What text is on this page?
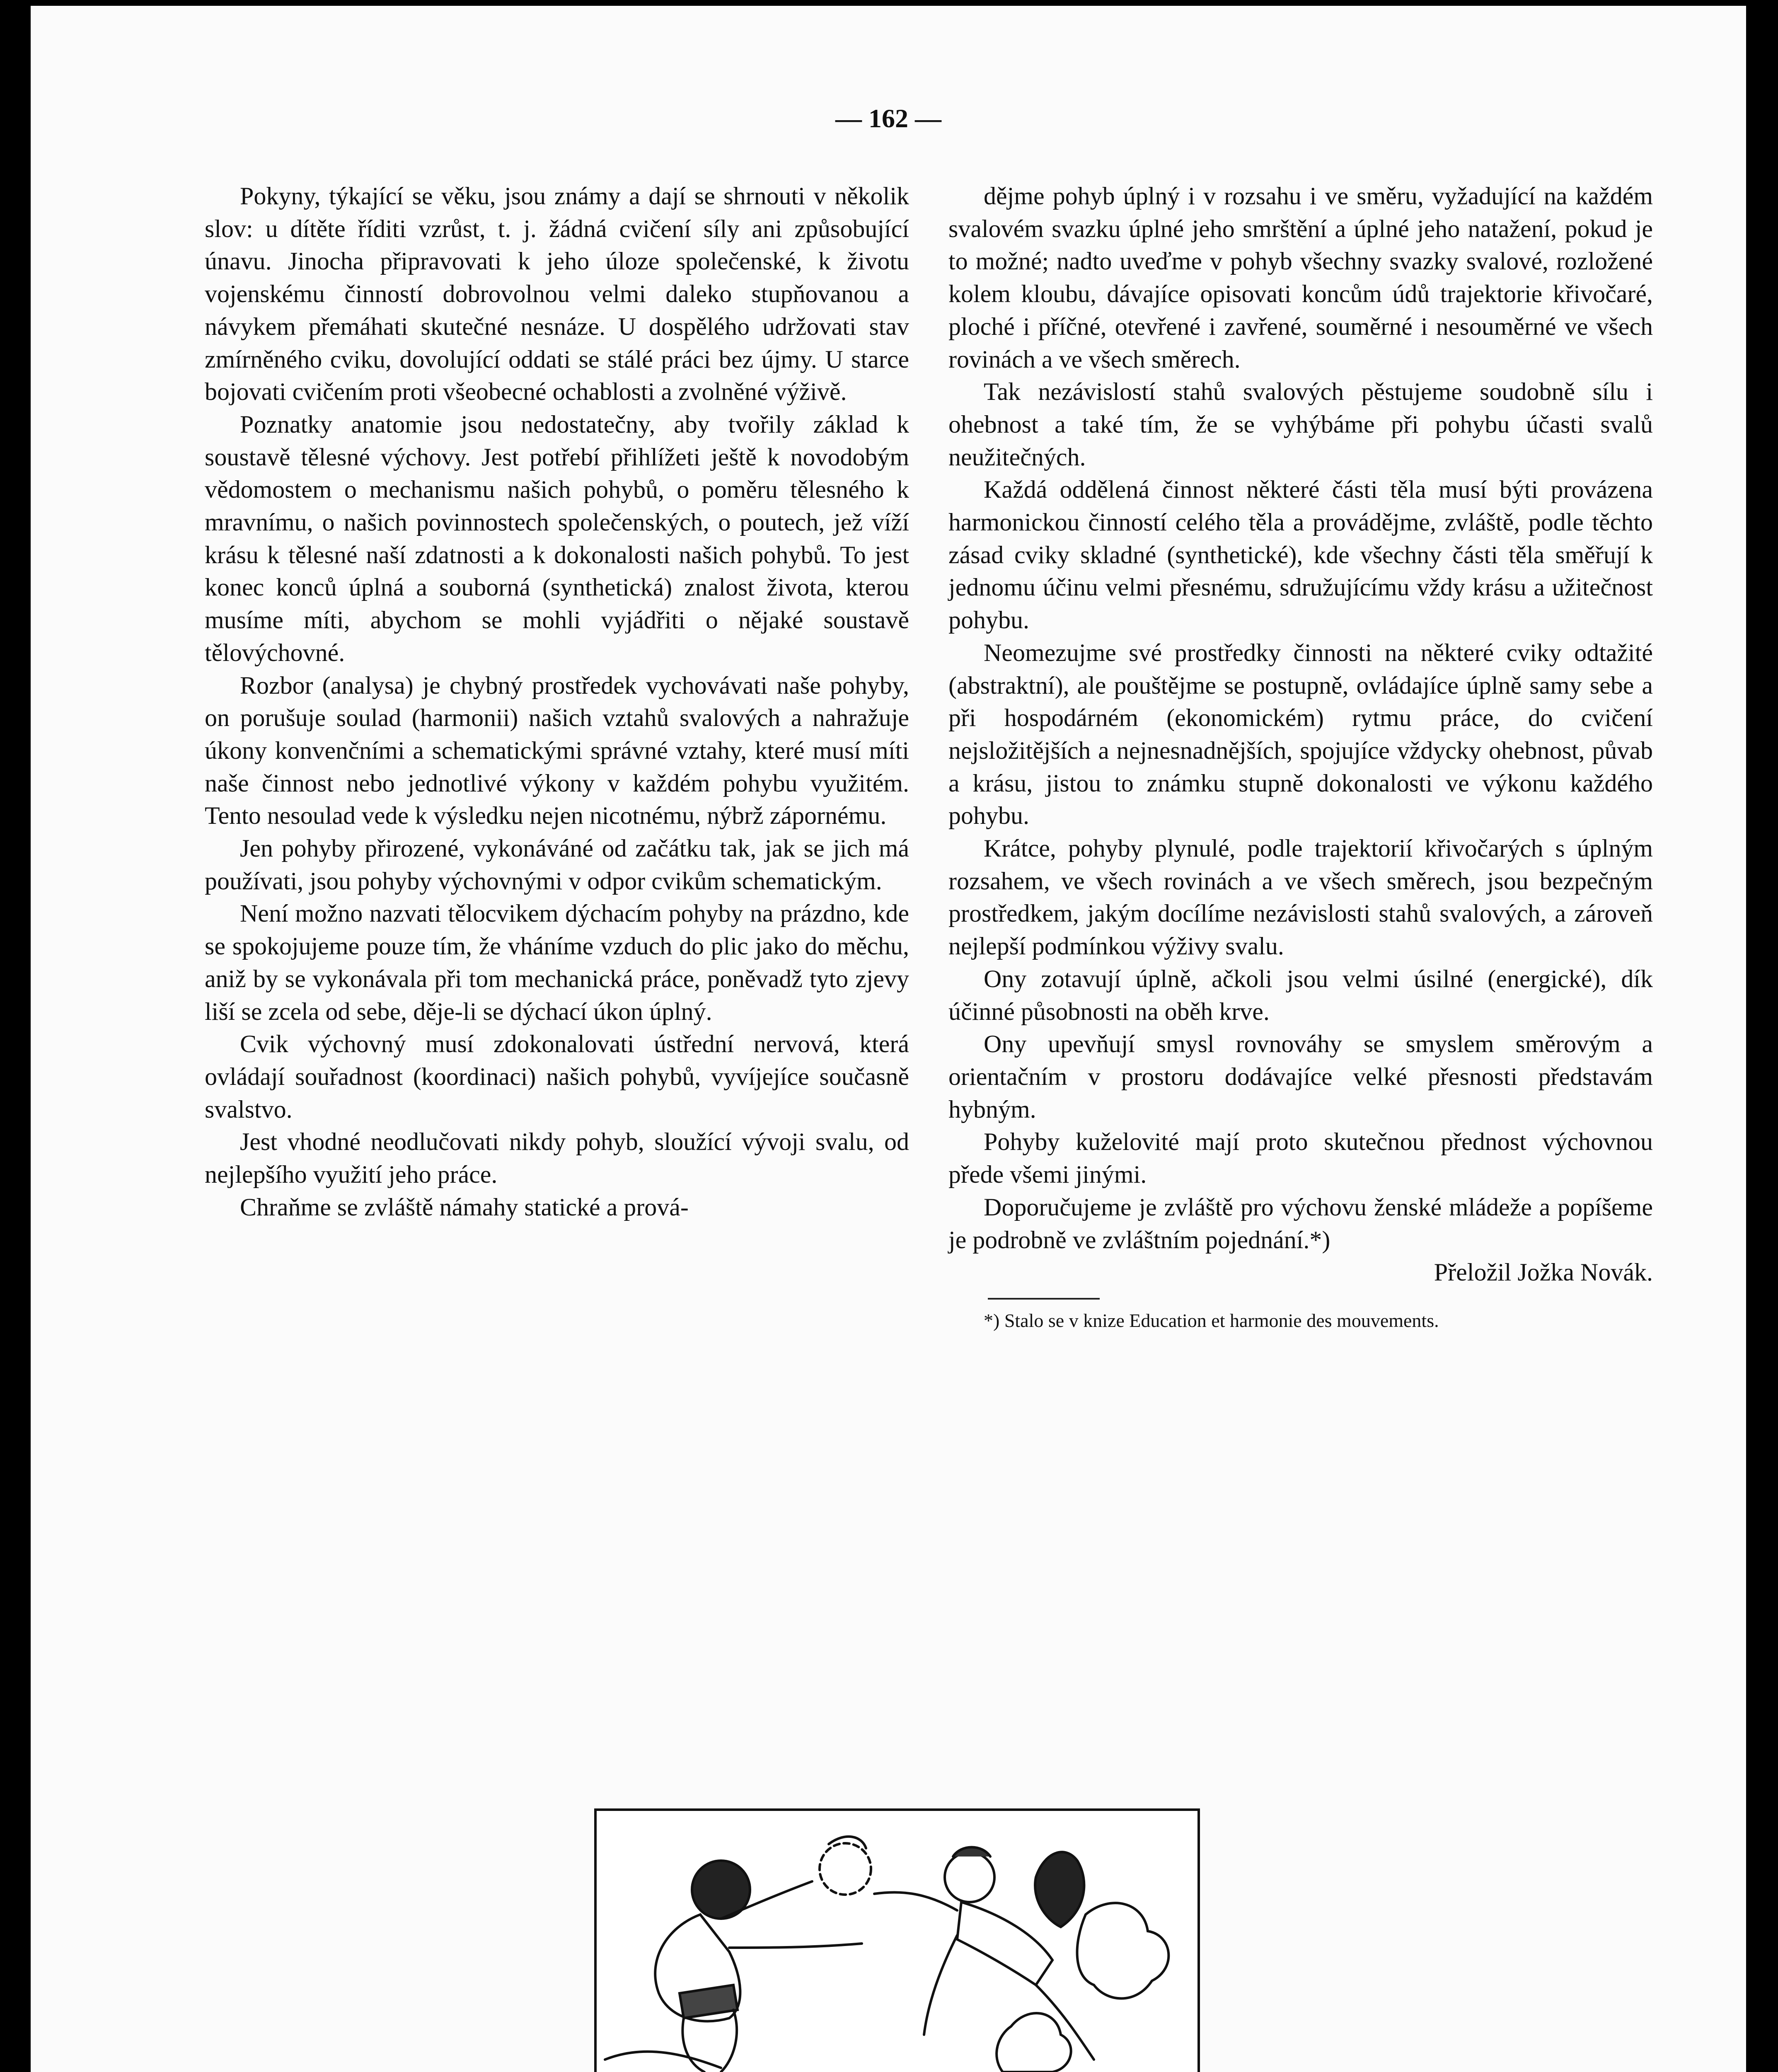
— 162 —

Pokyny, týkající se věku, jsou známy a dají se shrnouti v několik slov: u dítěte říditi vzrůst, t. j. žádná cvičení síly ani způsobující únavu. Jinocha připravovati k jeho úloze společenské, k životu vojenskému činností dobrovolnou velmi daleko stupňovanou a návykem přemáhati skutečné nesnáze. U dospělého udržovati stav zmírněného cviku, dovolující oddati se stálé práci bez újmy. U starce bojovati cvičením proti všeobecné ochablosti a zvolněné výživě.

Poznatky anatomie jsou nedostatečny, aby tvořily základ k soustavě tělesné výchovy. Jest potřebí přihlížeti ještě k novodobým vědomostem o mechanismu našich pohybů, o poměru tělesného k mravnímu, o našich povinnostech společenských, o poutech, jež víží krásu k tělesné naší zdatnosti a k dokonalosti našich pohybů. To jest konec konců úplná a souborná (synthetická) znalost života, kterou musíme míti, abychom se mohli vyjádřiti o nějaké soustavě tělovýchovné.

Rozbor (analysa) je chybný prostředek vychovávati naše pohyby, on porušuje soulad (harmonii) našich vztahů svalových a nahražuje úkony konvenčními a schematickými správné vztahy, které musí míti naše činnost nebo jednotlivé výkony v každém pohybu využitém. Tento nesoulad vede k výsledku nejen nicotnému, nýbrž zápornému.

Jen pohyby přirozené, vykonáváné od začátku tak, jak se jich má používati, jsou pohyby výchovnými v odpor cvikům schematickým.

Není možno nazvati tělocvikem dýchacím pohyby na prázdno, kde se spokojujeme pouze tím, že vháníme vzduch do plic jako do měchu, aniž by se vykonávala při tom mechanická práce, poněvadž tyto zjevy liší se zcela od sebe, děje-li se dýchací úkon úplný.

Cvik výchovný musí zdokonalovati ústřední nervová, která ovládají souřadnost (koordinaci) našich pohybů, vyvíjejíce současně svalstvo.

Jest vhodné neodlučovati nikdy pohyb, sloužící vývoji svalu, od nejlepšího využití jeho práce.

Chraňme se zvláště námahy statické a prová-

dějme pohyb úplný i v rozsahu i ve směru, vyžadující na každém svalovém svazku úplné jeho smrštění a úplné jeho natažení, pokud je to možné; nadto uveďme v pohyb všechny svazky svalové, rozložené kolem kloubu, dávajíce opisovati koncům údů trajektorie křivočaré, ploché i příčné, otevřené i zavřené, souměrné i nesouměrné ve všech rovinách a ve všech směrech.

Tak nezávislostí stahů svalových pěstujeme soudobně sílu i ohebnost a také tím, že se vyhýbáme při pohybu účasti svalů neužitečných.

Každá oddělená činnost některé části těla musí býti provázena harmonickou činností celého těla a prováděјme, zvláště, podle těchto zásad cviky skladné (synthetické), kde všechny části těla směřují k jednomu účinu velmi přesnému, sdružujícímu vždy krásu a užitečnost pohybu.

Neomezujme své prostředky činnosti na některé cviky odtažité (abstraktní), ale pouštějme se postupně, ovládajíce úplně samy sebe a při hospodárném (ekonomickém) rytmu práce, do cvičení nejsložitějších a nejnesnadnějších, spojujíce vždycky ohebnost, půvab a krásu, jistou to známku stupně dokonalosti ve výkonu každého pohybu.

Krátce, pohyby plynulé, podle trajektorií křivočarých s úplným rozsahem, ve všech rovinách a ve všech směrech, jsou bezpečným prostředkem, jakým docílíme nezávislosti stahů svalových, a zároveň nejlepší podmínkou výživy svalu.

Ony zotavují úplně, ačkoli jsou velmi úsilné (energické), dík účinné působnosti na oběh krve.

Ony upevňují smysl rovnováhy se smyslem směrovým a orientačním v prostoru dodávajíce velké přesnosti představám hybným.

Pohyby kuželovité mají proto skutečnou přednost výchovnou přede všemi jinými.

Doporučujeme je zvláště pro výchovu ženské mládeže a popíšeme je podrobně ve zvláštním pojednání.*)

Přeložil Jožka Novák.

*) Stalo se v knize Education et harmonie des mouvements.
